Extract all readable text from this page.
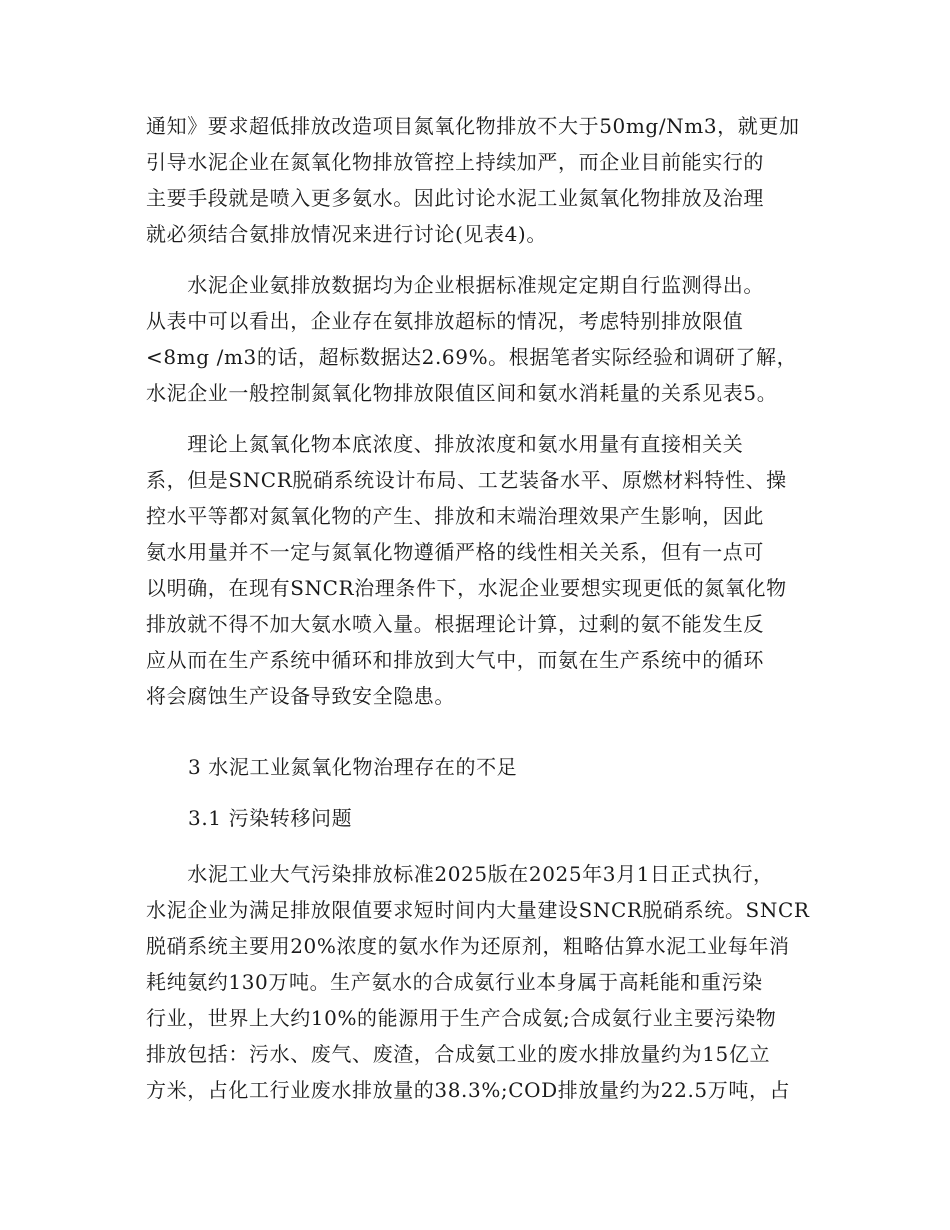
通知》要求超低排放改造项目氮氧化物排放不大于50mg/Nm3，就更加
引导水泥企业在氮氧化物排放管控上持续加严，而企业目前能实行的
主要手段就是喷入更多氨水。因此讨论水泥工业氮氧化物排放及治理
就必须结合氨排放情况来进行讨论(见表4)。
　　水泥企业氨排放数据均为企业根据标准规定定期自行监测得出。
从表中可以看出，企业存在氨排放超标的情况，考虑特别排放限值
<8mg /m3的话，超标数据达2.69%。根据笔者实际经验和调研了解，
水泥企业一般控制氮氧化物排放限值区间和氨水消耗量的关系见表5。
　　理论上氮氧化物本底浓度、排放浓度和氨水用量有直接相关关
系，但是SNCR脱硝系统设计布局、工艺装备水平、原燃材料特性、操
控水平等都对氮氧化物的产生、排放和末端治理效果产生影响，因此
氨水用量并不一定与氮氧化物遵循严格的线性相关关系，但有一点可
以明确，在现有SNCR治理条件下，水泥企业要想实现更低的氮氧化物
排放就不得不加大氨水喷入量。根据理论计算，过剩的氨不能发生反
应从而在生产系统中循环和排放到大气中，而氨在生产系统中的循环
将会腐蚀生产设备导致安全隐患。
3 水泥工业氮氧化物治理存在的不足
3.1 污染转移问题
　　水泥工业大气污染排放标准2025版在2025年3月1日正式执行，
水泥企业为满足排放限值要求短时间内大量建设SNCR脱硝系统。SNCR
脱硝系统主要用20%浓度的氨水作为还原剂，粗略估算水泥工业每年消
耗纯氨约130万吨。生产氨水的合成氨行业本身属于高耗能和重污染
行业，世界上大约10%的能源用于生产合成氨;合成氨行业主要污染物
排放包括：污水、废气、废渣，合成氨工业的废水排放量约为15亿立
方米，占化工行业废水排放量的38.3%;COD排放量约为22.5万吨，占
